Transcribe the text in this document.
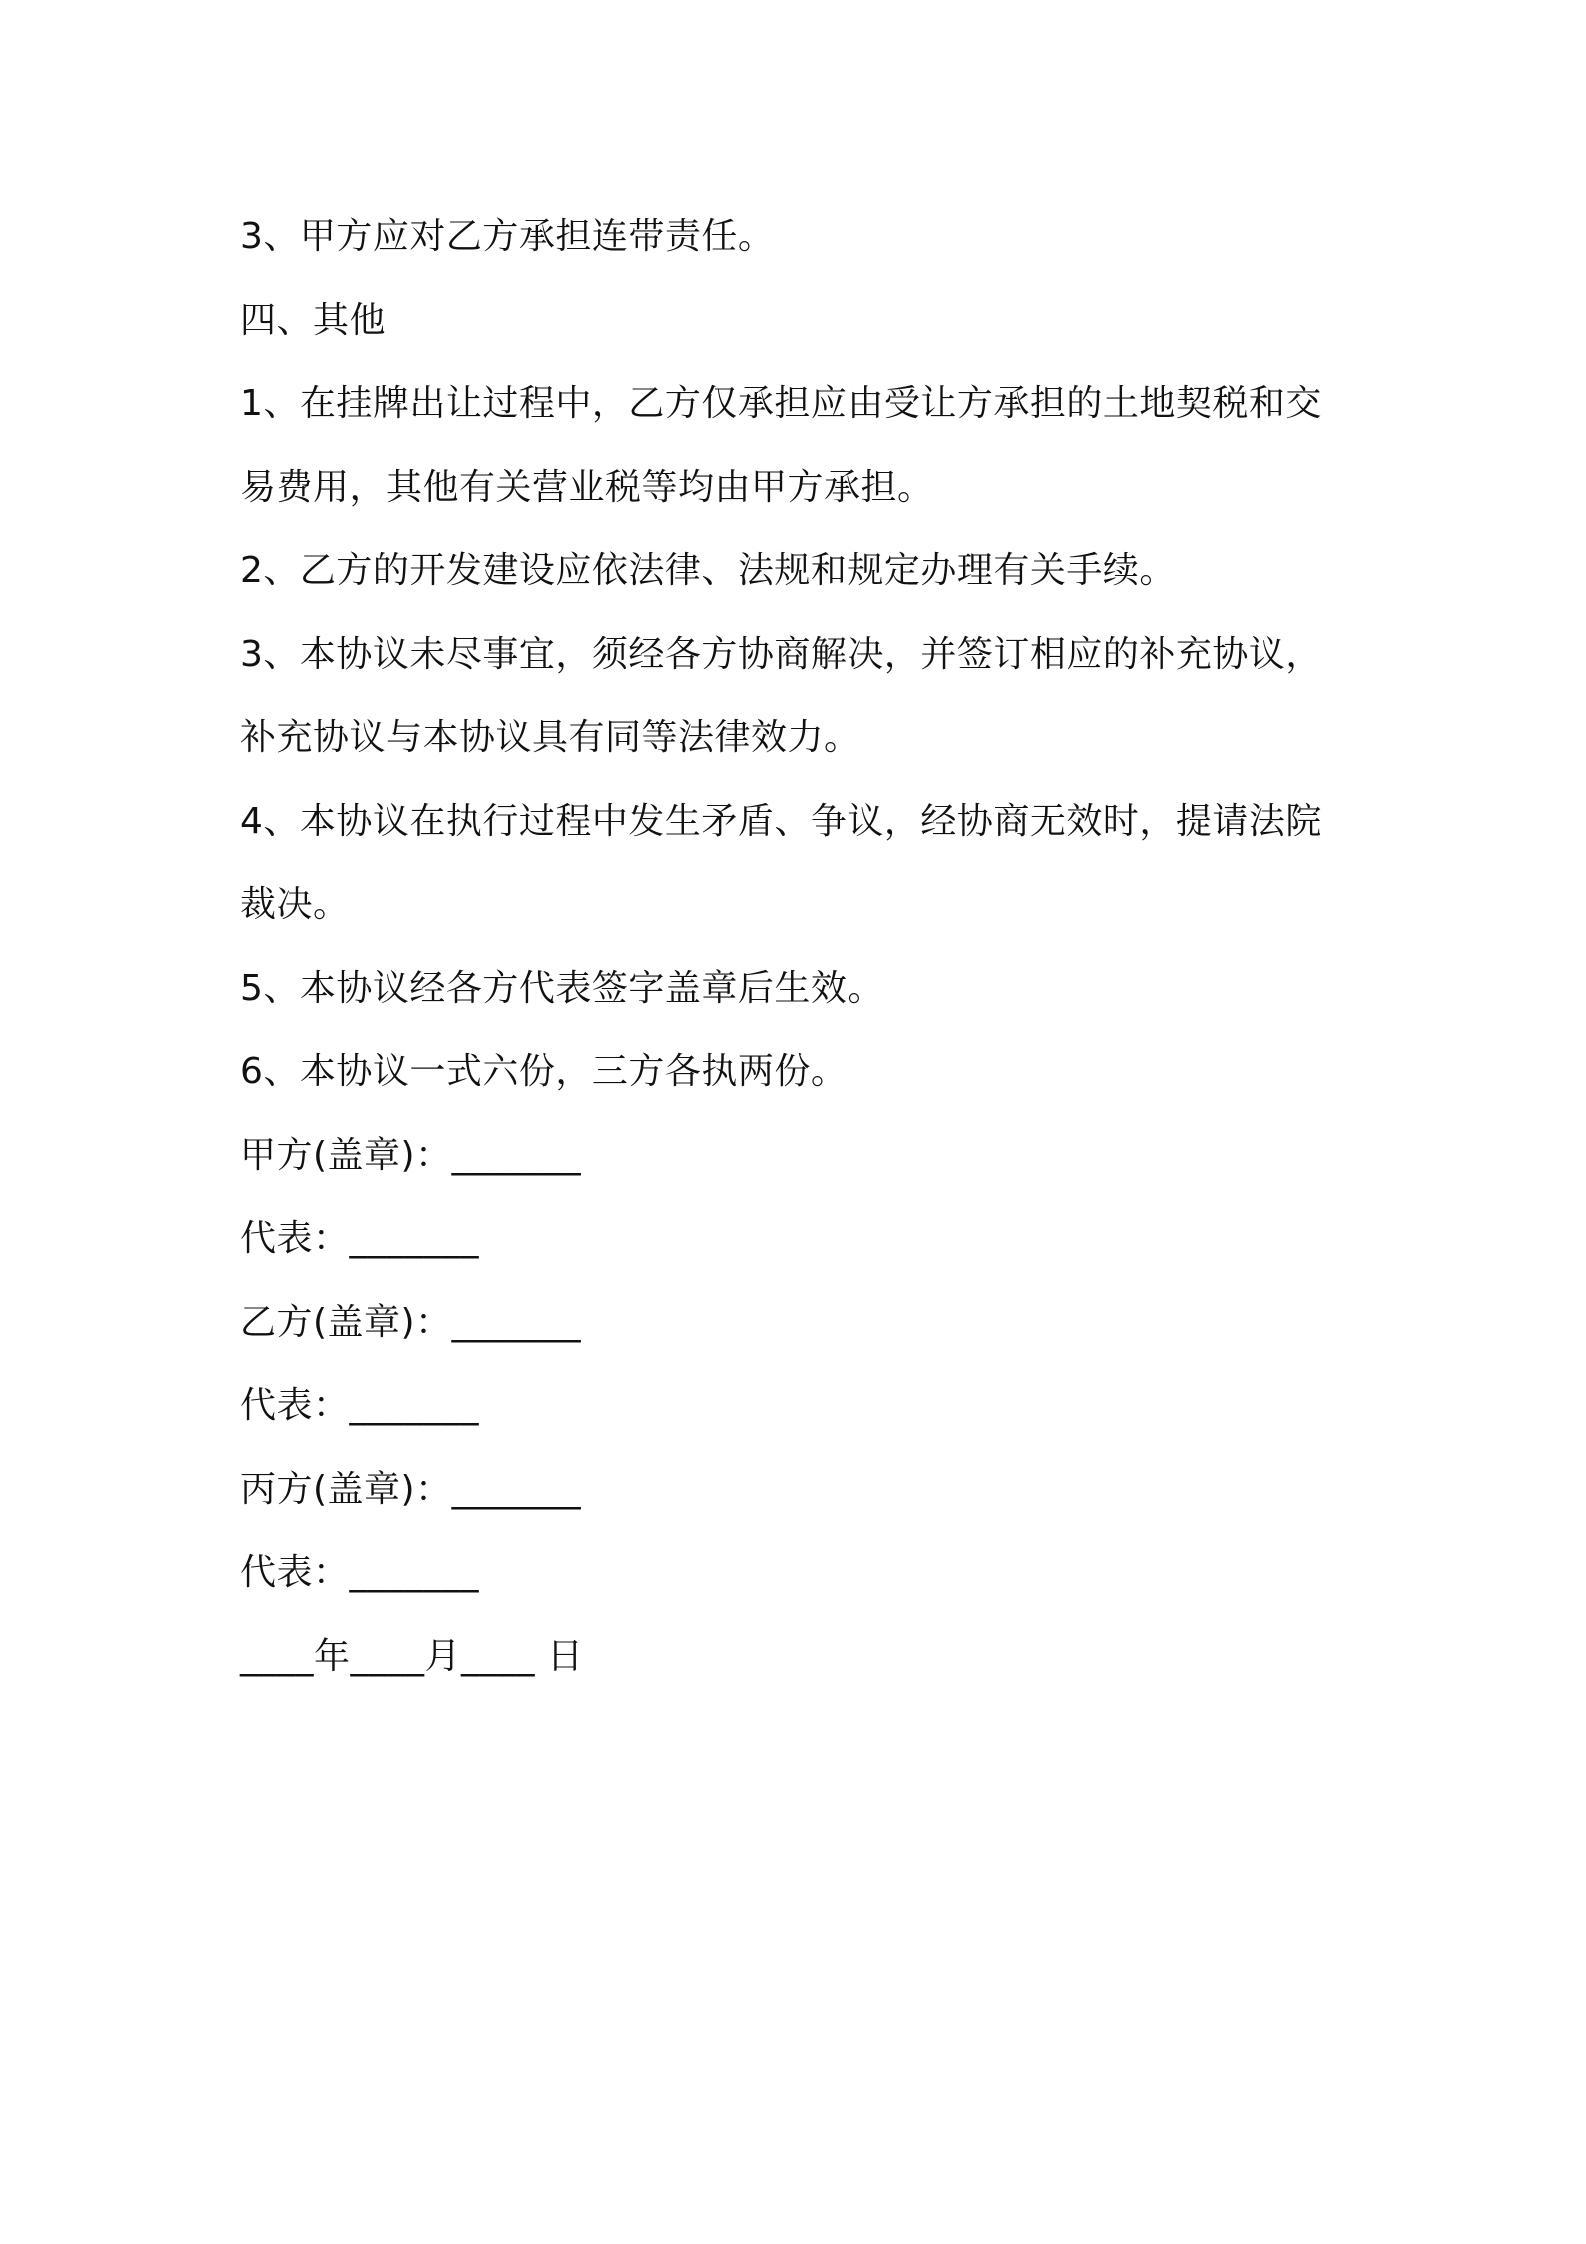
3、甲方应对乙方承担连带责任。
四、其他
1、在挂牌出让过程中，乙方仅承担应由受让方承担的土地契税和交
易费用，其他有关营业税等均由甲方承担。
2、乙方的开发建设应依法律、法规和规定办理有关手续。
3、本协议未尽事宜，须经各方协商解决，并签订相应的补充协议，
补充协议与本协议具有同等法律效力。
4、本协议在执行过程中发生矛盾、争议，经协商无效时，提请法院
裁决。
5、本协议经各方代表签字盖章后生效。
6、本协议一式六份，三方各执两份。
甲方(盖章)：_______
代表：_______
乙方(盖章)：_______
代表：_______
丙方(盖章)：_______
代表：_______
____年____月____ 日
